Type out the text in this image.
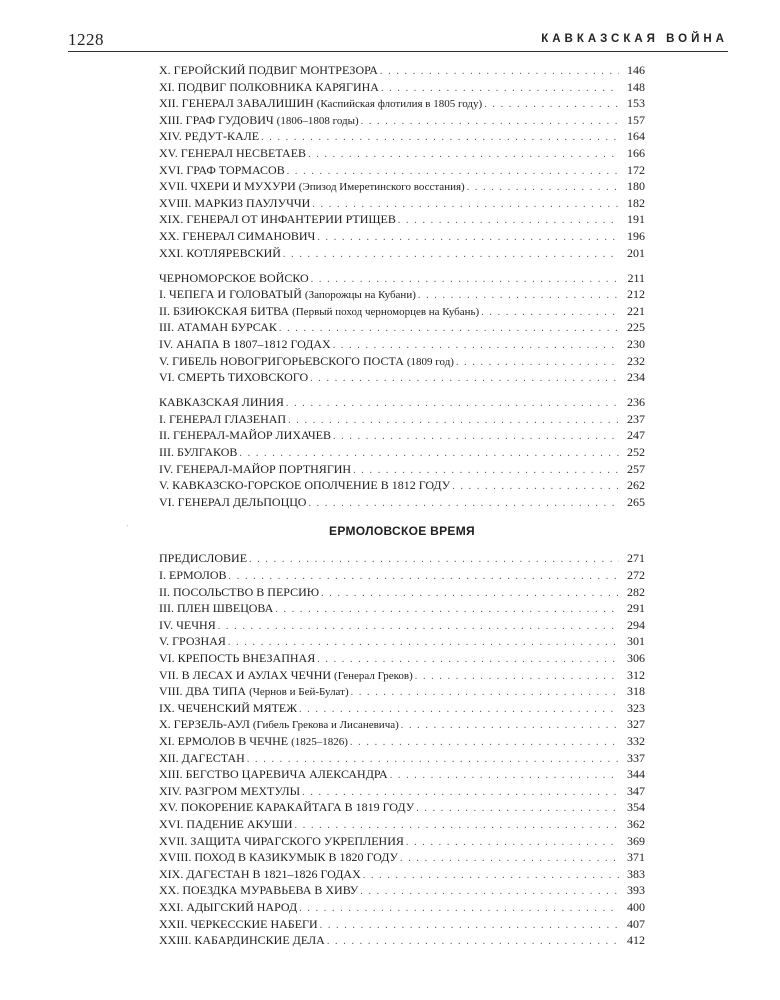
1228	КАВКАЗСКАЯ ВОЙНА
´
X. ГЕРОЙСКИЙ ПОДВИГ МОНТРЕЗОРА . . .	146
XI. ПОДВИГ ПОЛКОВНИКА КАРЯГИНА . . .	148
XII. ГЕНЕРАЛ ЗАВАЛИШИН (Каспийская флотилия в 1805 году) . . .	153
XIII. ГРАФ ГУДОВИЧ (1806–1808 годы) . . .	157
XIV. РЕДУТ-КАЛЕ . . .	164
XV. ГЕНЕРАЛ НЕСВЕТАЕВ . . .	166
XVI. ГРАФ ТОРМАСОВ . . .	172
XVII. ЧХЕРИ И МУХУРИ (Эпизод Имеретинского восстания) . . .	180
XVIII. МАРКИЗ ПАУЛУЧЧИ . . .	182
XIX. ГЕНЕРАЛ ОТ ИНФАНТЕРИИ РТИЩЕВ . . .	191
XX. ГЕНЕРАЛ СИМАНОВИЧ . . .	196
XXI. КОТЛЯРЕВСКИЙ . . .	201
ЧЕРНОМОРСКОЕ ВОЙСКО . . .	211
I. ЧЕПЕГА И ГОЛОВАТЫЙ (Запорожцы на Кубани) . . .	212
II. БЗИЮКСКАЯ БИТВА (Первый поход черноморцев на Кубань) . . .	221
III. АТАМАН БУРСАК . . .	225
IV. АНАПА В 1807–1812 ГОДАХ . . .	230
V. ГИБЕЛЬ НОВОГРИГОРЬЕВСКОГО ПОСТА (1809 год) . . .	232
VI. СМЕРТЬ ТИХОВСКОГО . . .	234
КАВКАЗСКАЯ ЛИНИЯ . . .	236
I. ГЕНЕРАЛ ГЛАЗЕНАП . . .	237
II. ГЕНЕРАЛ-МАЙОР ЛИХАЧЕВ . . .	247
III. БУЛГАКОВ . . .	252
IV. ГЕНЕРАЛ-МАЙОР ПОРТНЯГИН . . .	257
V. КАВКАЗСКО-ГОРСКОЕ ОПОЛЧЕНИЕ В 1812 ГОДУ . . .	262
VI. ГЕНЕРАЛ ДЕЛЬПОЦЦО . . .	265
ЕРМОЛОВСКОЕ ВРЕМЯ
ПРЕДИСЛОВИЕ . . .	271
I. ЕРМОЛОВ . . .	272
II. ПОСОЛЬСТВО В ПЕРСИЮ . . .	282
III. ПЛЕН ШВЕЦОВА . . .	291
IV. ЧЕЧНЯ . . .	294
V. ГРОЗНАЯ . . .	301
VI. КРЕПОСТЬ ВНЕЗАПНАЯ . . .	306
VII. В ЛЕСАХ И АУЛАХ ЧЕЧНИ (Генерал Греков) . . .	312
VIII. ДВА ТИПА (Чернов и Бей-Булат) . . .	318
IX. ЧЕЧЕНСКИЙ МЯТЕЖ . . .	323
X. ГЕРЗЕЛЬ-АУЛ (Гибель Грекова и Лисаневича) . . .	327
XI. ЕРМОЛОВ В ЧЕЧНЕ (1825–1826) . . .	332
XII. ДАГЕСТАН . . .	337
XIII. БЕГСТВО ЦАРЕВИЧА АЛЕКСАНДРА . . .	344
XIV. РАЗГРОМ МЕХТУЛЫ . . .	347
XV. ПОКОРЕНИЕ КАРАКАЙТАГА В 1819 ГОДУ . . .	354
XVI. ПАДЕНИЕ АКУШИ . . .	362
XVII. ЗАЩИТА ЧИРАГСКОГО УКРЕПЛЕНИЯ . . .	369
XVIII. ПОХОД В КАЗИКУМЫК В 1820 ГОДУ . . .	371
XIX. ДАГЕСТАН В 1821–1826 ГОДАХ . . .	383
XX. ПОЕЗДКА МУРАВЬЕВА В ХИВУ . . .	393
XXI. АДЫГСКИЙ НАРОД . . .	400
XXII. ЧЕРКЕССКИЕ НАБЕГИ . . .	407
XXIII. КАБАРДИНСКИЕ ДЕЛА . . .	412
